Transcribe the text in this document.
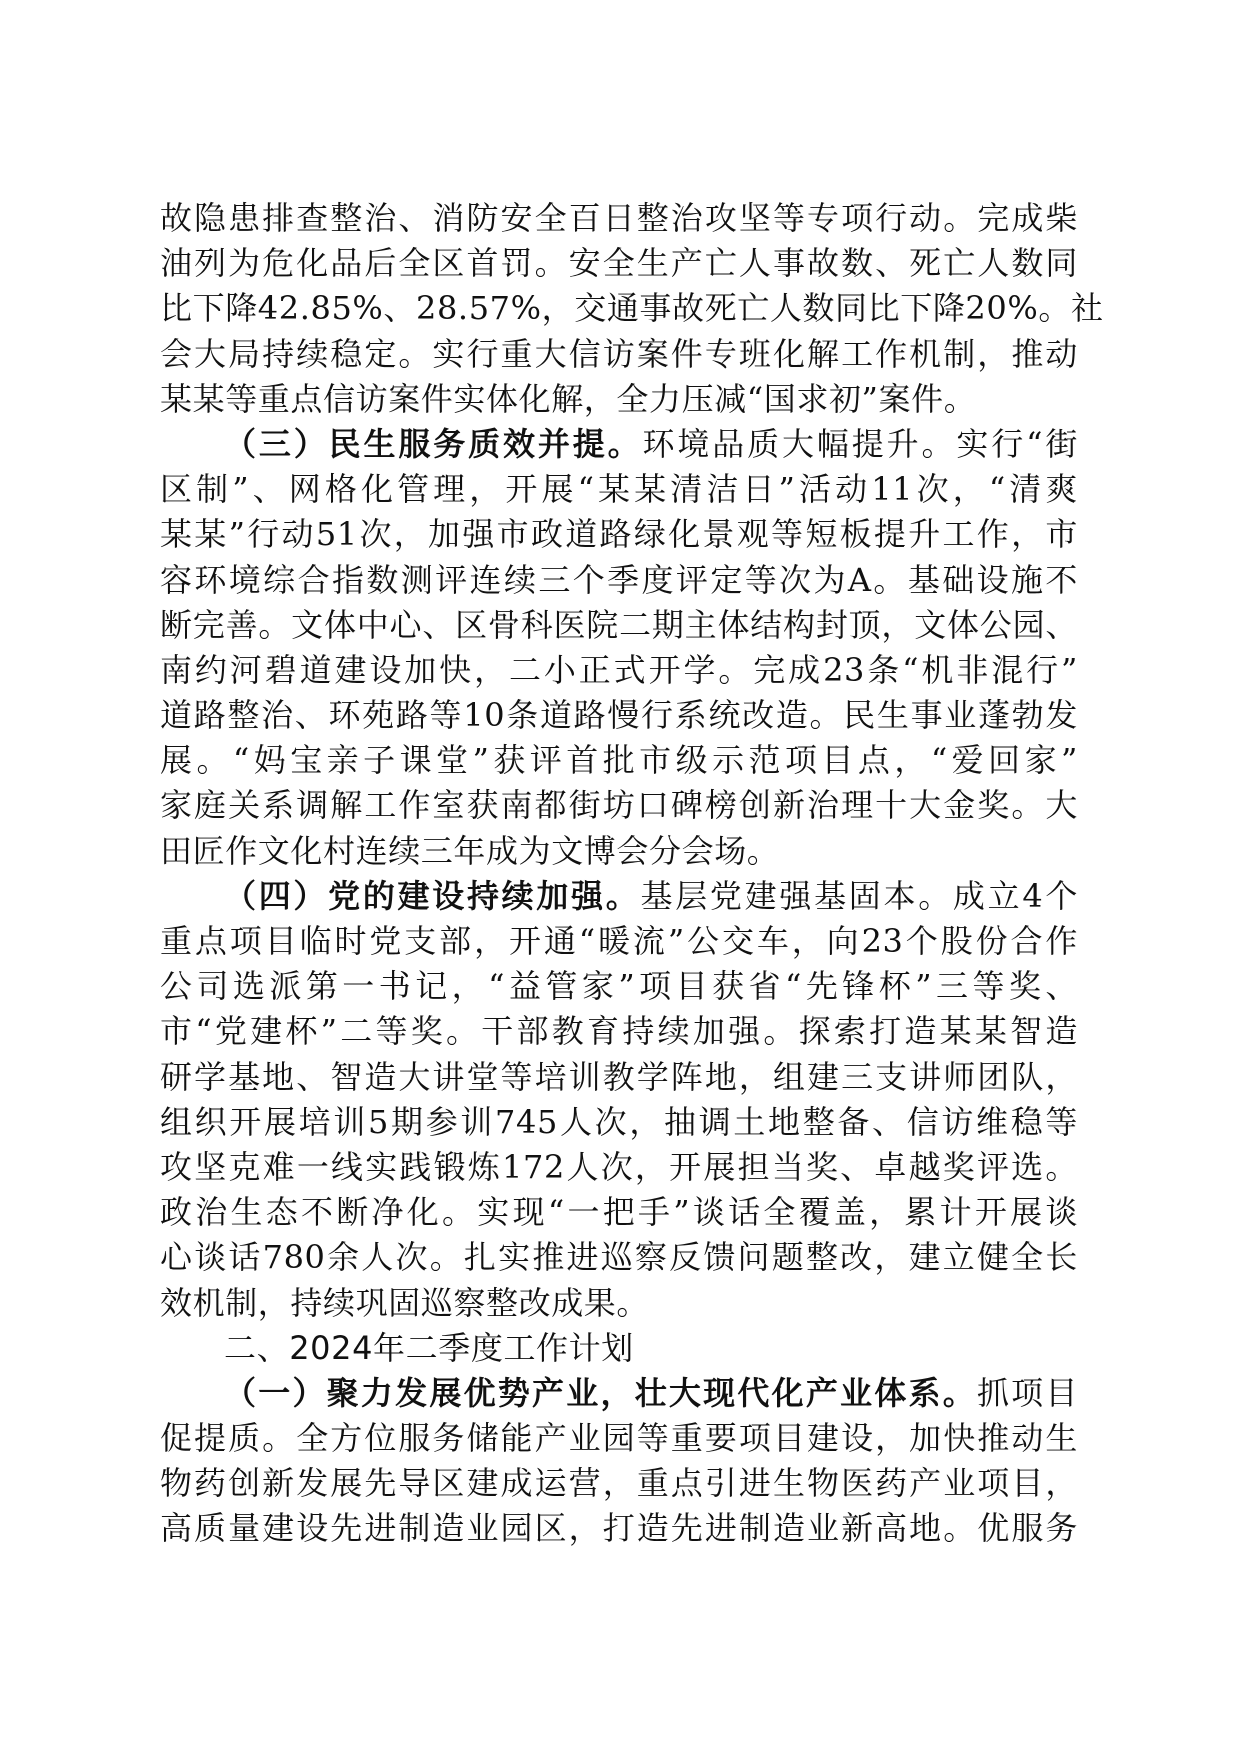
故隐患排查整治、消防安全百日整治攻坚等专项行动。完成柴
油列为危化品后全区首罚。安全生产亡人事故数、死亡人数同
比下降42.85%、28.57%，交通事故死亡人数同比下降20%。社
会大局持续稳定。实行重大信访案件专班化解工作机制，推动
某某等重点信访案件实体化解，全力压减“国求初”案件。
（三）民生服务质效并提。环境品质大幅提升。实行“街
区制”、网格化管理，开展“某某清洁日”活动11次，“清爽
某某”行动51次，加强市政道路绿化景观等短板提升工作，市
容环境综合指数测评连续三个季度评定等次为A。基础设施不
断完善。文体中心、区骨科医院二期主体结构封顶，文体公园、
南约河碧道建设加快，二小正式开学。完成23条“机非混行”
道路整治、环苑路等10条道路慢行系统改造。民生事业蓬勃发
展。“妈宝亲子课堂”获评首批市级示范项目点，“爱回家”
家庭关系调解工作室获南都街坊口碑榜创新治理十大金奖。大
田匠作文化村连续三年成为文博会分会场。
（四）党的建设持续加强。基层党建强基固本。成立4个
重点项目临时党支部，开通“暖流”公交车，向23个股份合作
公司选派第一书记，“益管家”项目获省“先锋杯”三等奖、
市“党建杯”二等奖。干部教育持续加强。探索打造某某智造
研学基地、智造大讲堂等培训教学阵地，组建三支讲师团队，
组织开展培训5期参训745人次，抽调土地整备、信访维稳等
攻坚克难一线实践锻炼172人次，开展担当奖、卓越奖评选。
政治生态不断净化。实现“一把手”谈话全覆盖，累计开展谈
心谈话780余人次。扎实推进巡察反馈问题整改，建立健全长
效机制，持续巩固巡察整改成果。
二、2024年二季度工作计划
（一）聚力发展优势产业，壮大现代化产业体系。抓项目
促提质。全方位服务储能产业园等重要项目建设，加快推动生
物药创新发展先导区建成运营，重点引进生物医药产业项目，
高质量建设先进制造业园区，打造先进制造业新高地。优服务
